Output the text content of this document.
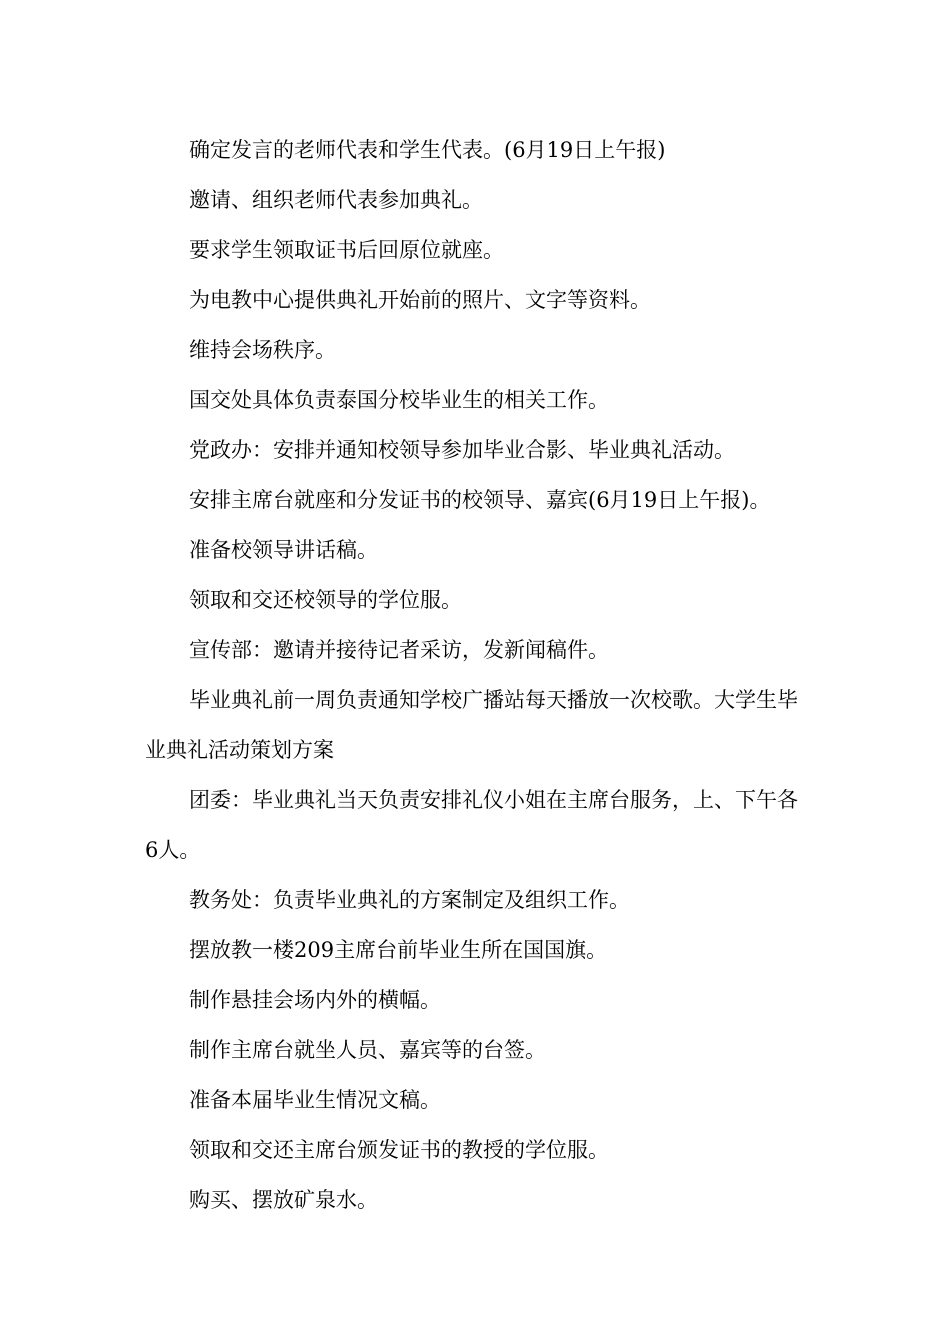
确定发言的老师代表和学生代表。(6月19日上午报)

邀请、组织老师代表参加典礼。

要求学生领取证书后回原位就座。

为电教中心提供典礼开始前的照片、文字等资料。

维持会场秩序。

国交处具体负责泰国分校毕业生的相关工作。

党政办：安排并通知校领导参加毕业合影、毕业典礼活动。

安排主席台就座和分发证书的校领导、嘉宾(6月19日上午报)。

准备校领导讲话稿。

领取和交还校领导的学位服。

宣传部：邀请并接待记者采访，发新闻稿件。

毕业典礼前一周负责通知学校广播站每天播放一次校歌。大学生毕业典礼活动策划方案

团委：毕业典礼当天负责安排礼仪小姐在主席台服务，上、下午各6人。

教务处：负责毕业典礼的方案制定及组织工作。

摆放教一楼209主席台前毕业生所在国国旗。

制作悬挂会场内外的横幅。

制作主席台就坐人员、嘉宾等的台签。

准备本届毕业生情况文稿。

领取和交还主席台颁发证书的教授的学位服。

购买、摆放矿泉水。
